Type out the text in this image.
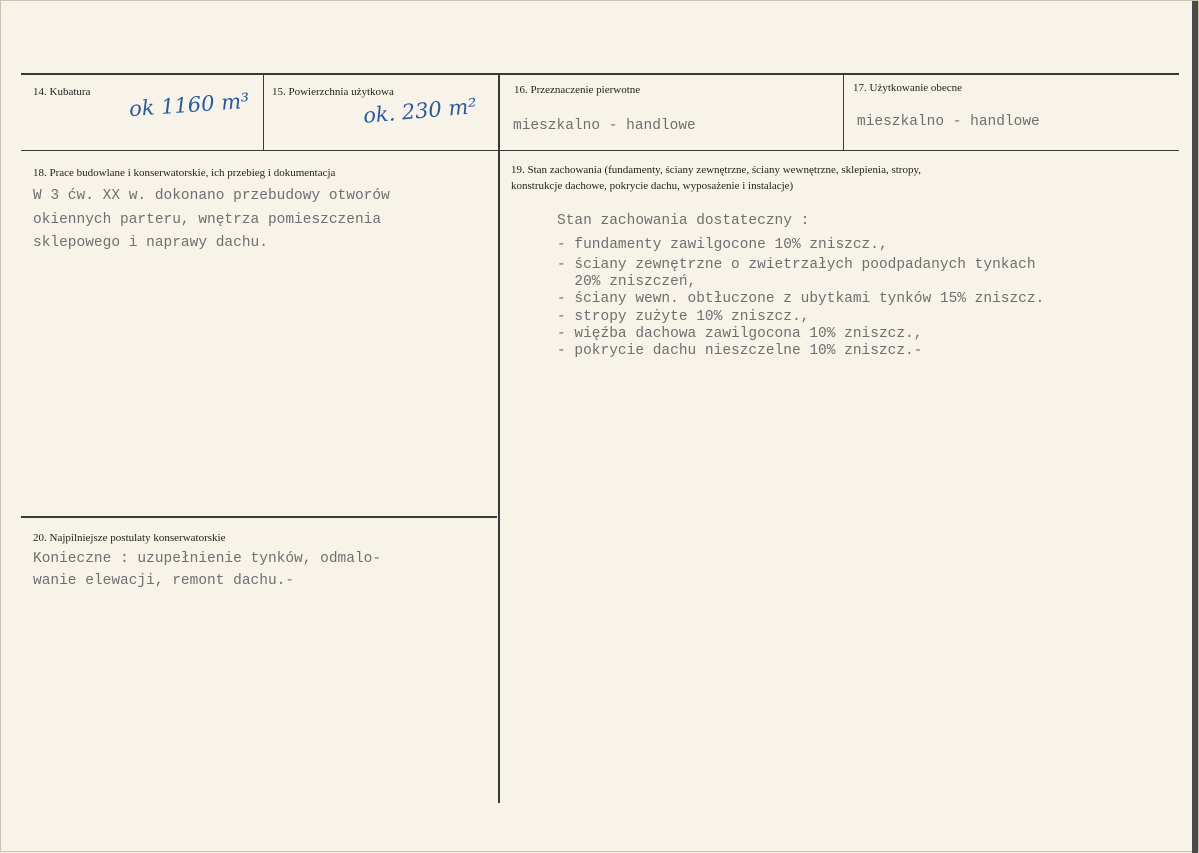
14. Kubatura ok 1160 m³ 15. Powierzchnia użytkowa
ok. 230 m²
16. Przeznaczenie pierwotne
mieszkalno - handlowe
17. Użytkowanie obecne
mieszkalno - handlowe
18. Prace budowlane i konserwatorskie, ich przebieg i dokumentacja
W 3 ćw. XX w. dokonano przebudowy otworów
okiennych parteru, wnętrza pomieszczenia
sklepowego i naprawy dachu.
19. Stan zachowania (fundamenty, ściany zewnętrzne, ściany wewnętrzne, sklepienia, stropy,
konstrukcje dachowe, pokrycie dachu, wyposażenie i instalacje)
Stan zachowania dostateczny :
- fundamenty zawilgocone 10% zniszcz.,
- ściany zewnętrzne o zwietrzałych poodpadanych tynkach
20% zniszczeń,
- ściany wewn. obtłuczone z ubytkami tynków 15% zniszcz.
- stropy zużyte 10% zniszcz.,
- więźba dachowa zawilgocona 10% zniszcz.,
- pokrycie dachu nieszczelne 10% zniszcz.-
20. Najpilniejsze postulaty konserwatorskie
Konieczne : uzupełnienie tynków, odmalo-
wanie elewacji, remont dachu.-
